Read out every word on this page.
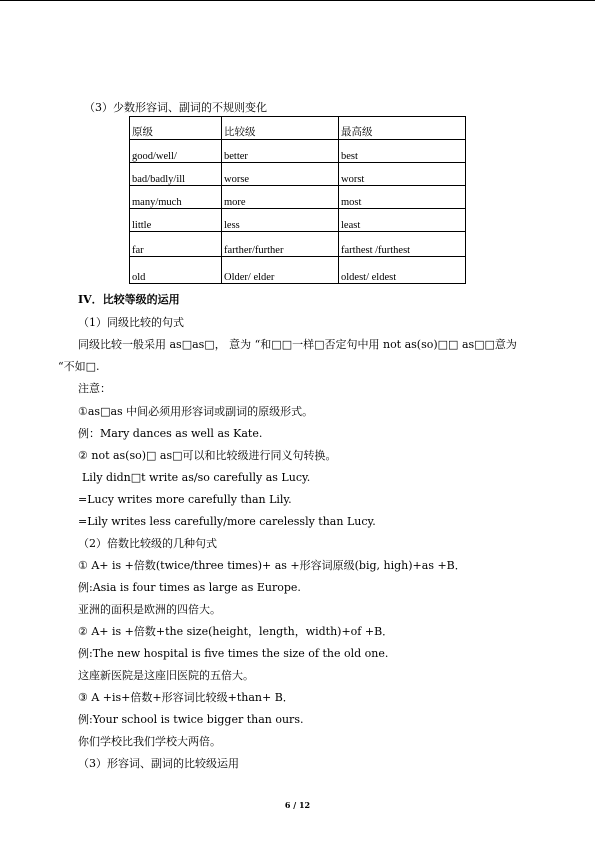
（3）少数形容词、副词的不规则变化
原级	比较级	最高级
good/well/	better	best
bad/badly/ill	worse	worst
many/much	more	most
little	less	least
far	farther/further	farthest /furthest
old	Older/ elder	oldest/ eldest
IV．比较等级的运用
（1）同级比较的句式
同级比较一般采用 as□as□， 意为 “和□□一样□否定句中用 not as(so)□□ as□□意为
“不如□.
注意：
①as□as 中间必须用形容词或副词的原级形式。
例：Mary dances as well as Kate.
② not as(so)□ as□可以和比较级进行同义句转换。
Lily didn□t write as/so carefully as Lucy.
=Lucy writes more carefully than Lily.
=Lily writes less carefully/more carelessly than Lucy.
（2）倍数比较级的几种句式
① A+ is +倍数(twice/three times)+ as +形容词原级(big, high)+as +B．
例:Asia is four times as large as Europe.
亚洲的面积是欧洲的四倍大。
② A+ is +倍数+the size(height，length，width)+of +B．
例:The new hospital is five times the size of the old one.
这座新医院是这座旧医院的五倍大。
③ A +is+倍数+形容词比较级+than+ B．
例:Your school is twice bigger than ours.
你们学校比我们学校大两倍。
（3）形容词、副词的比较级运用
6 / 12
